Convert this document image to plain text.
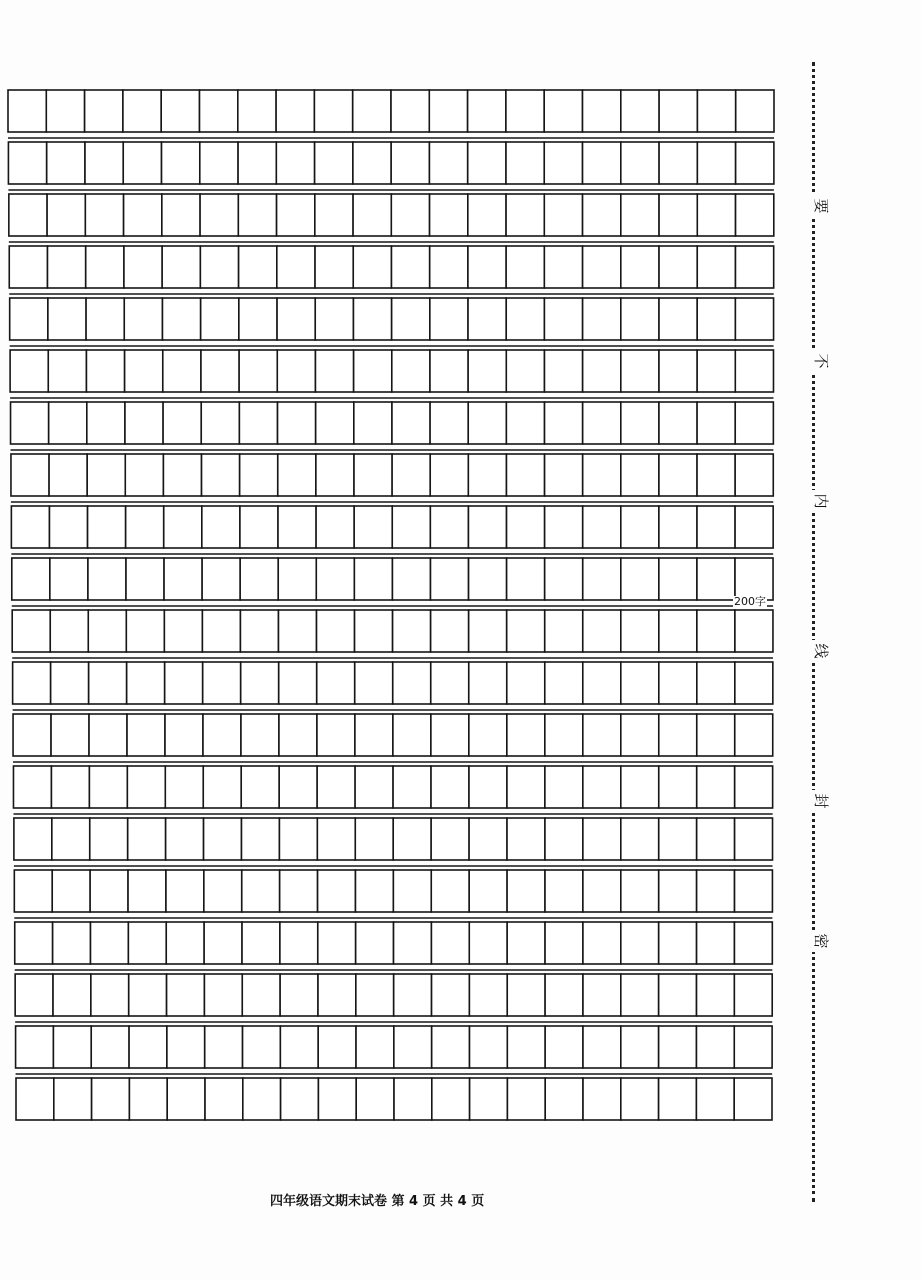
200字
要
不
内
线
封
密
四年级语文期末试卷 第 4 页 共 4 页
